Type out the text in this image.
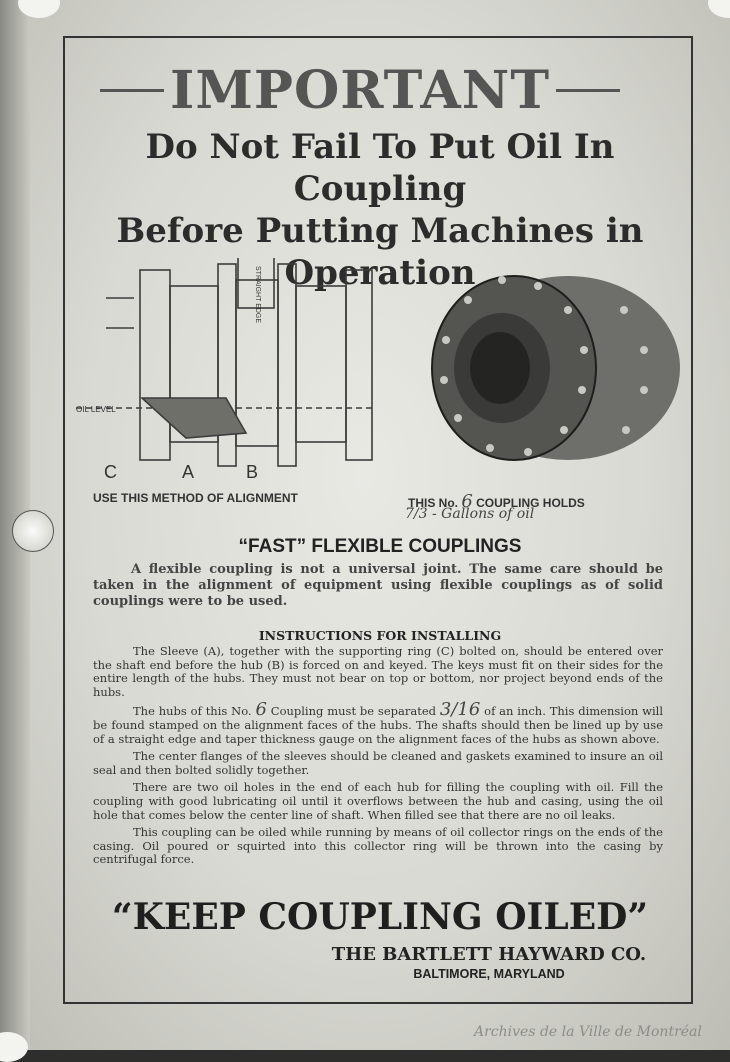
IMPORTANT
Do Not Fail To Put Oil In Coupling
Before Putting Machines in
Operation
STRAIGHT EDGE
OIL LEVEL
C	A	B
USE THIS METHOD OF ALIGNMENT	THIS No. 6 COUPLING HOLDS
7/3 - Gallons of oil
“FAST” FLEXIBLE COUPLINGS
A flexible coupling is not a universal joint. The same care should be taken in the alignment of equipment using flexible couplings as of solid couplings were to be used.
INSTRUCTIONS FOR INSTALLING

The Sleeve (A), together with the supporting ring (C) bolted on, should be entered over the shaft end before the hub (B) is forced on and keyed. The keys must fit on their sides for the entire length of the hubs. They must not bear on top or bottom, nor project beyond ends of the hubs.

The hubs of this No. 6 Coupling must be separated 3/16 of an inch. This dimension will be found stamped on the alignment faces of the hubs. The shafts should then be lined up by use of a straight edge and taper thickness gauge on the alignment faces of the hubs as shown above.

The center flanges of the sleeves should be cleaned and gaskets examined to insure an oil seal and then bolted solidly together.

There are two oil holes in the end of each hub for filling the coupling with oil. Fill the coupling with good lubricating oil until it overflows between the hub and casing, using the oil hole that comes below the center line of shaft. When filled see that there are no oil leaks.

This coupling can be oiled while running by means of oil collector rings on the ends of the casing. Oil poured or squirted into this collector ring will be thrown into the casing by centrifugal force.

“KEEP COUPLING OILED”
THE BARTLETT HAYWARD CO.
BALTIMORE, MARYLAND
Archives de la Ville de Montréal
